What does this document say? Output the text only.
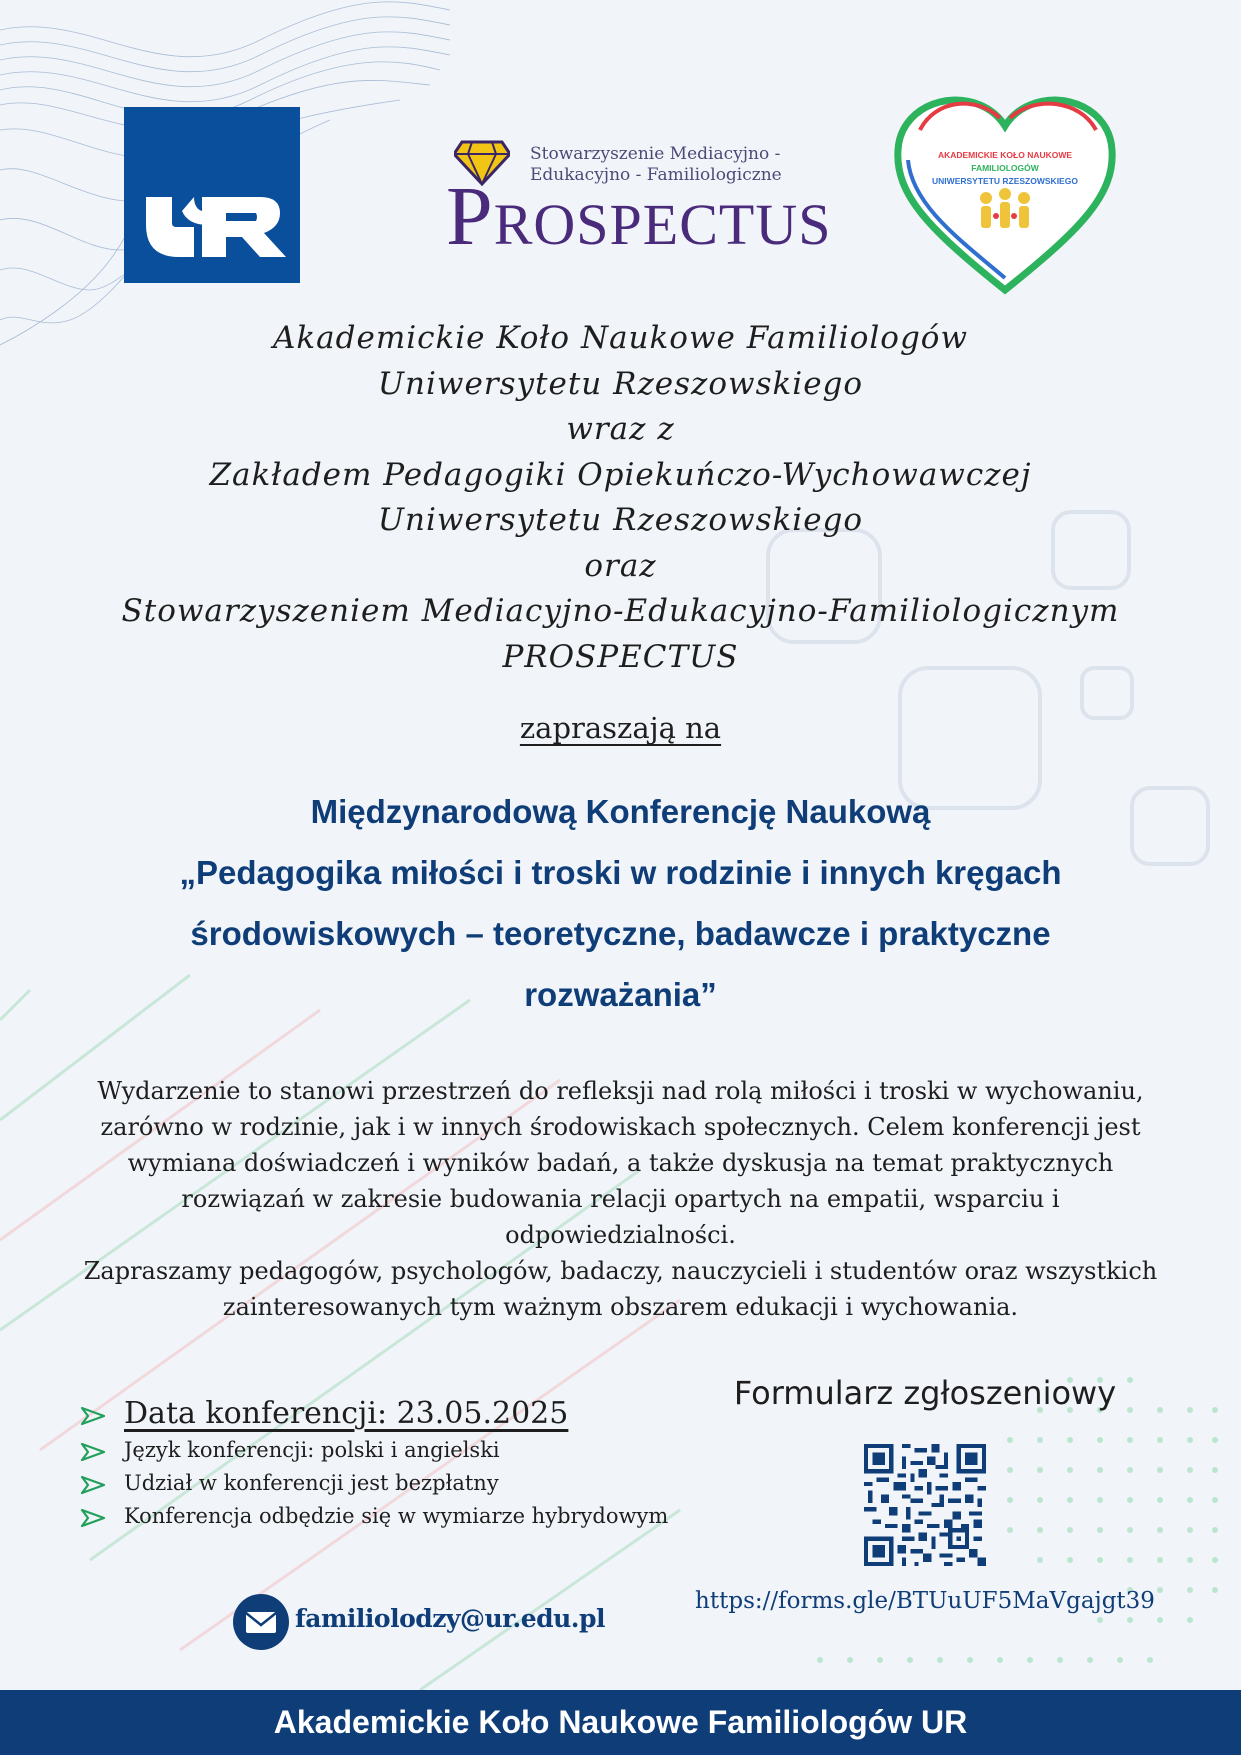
Stowarzyszenie Mediacyjno -
Edukacyjno - Familiologiczne
PROSPECTUS
AKADEMICKIE KOŁO NAUKOWE
FAMILIOLOGÓW
UNIWERSYTETU RZESZOWSKIEGO
Akademickie Koło Naukowe Familiologów
Uniwersytetu Rzeszowskiego
wraz z
Zakładem Pedagogiki Opiekuńczo-Wychowawczej
Uniwersytetu Rzeszowskiego
oraz
Stowarzyszeniem Mediacyjno-Edukacyjno-Familiologicznym
PROSPECTUS
zapraszają na
Międzynarodową Konferencję Naukową
„Pedagogika miłości i troski w rodzinie i innych kręgach
środowiskowych – teoretyczne, badawcze i praktyczne
rozważania”
Wydarzenie to stanowi przestrzeń do refleksji nad rolą miłości i troski w wychowaniu,
zarówno w rodzinie, jak i w innych środowiskach społecznych. Celem konferencji jest
wymiana doświadczeń i wyników badań, a także dyskusja na temat praktycznych
rozwiązań w zakresie budowania relacji opartych na empatii, wsparciu i
odpowiedzialności.
Zapraszamy pedagogów, psychologów, badaczy, nauczycieli i studentów oraz wszystkich
zainteresowanych tym ważnym obszarem edukacji i wychowania.
Data konferencji: 23.05.2025
Język konferencji: polski i angielski
Udział w konferencji jest bezpłatny
Konferencja odbędzie się w wymiarze hybrydowym
familiolodzy@ur.edu.pl
Formularz zgłoszeniowy
https://forms.gle/BTUuUF5MaVgajgt39
Akademickie Koło Naukowe Familiologów UR
